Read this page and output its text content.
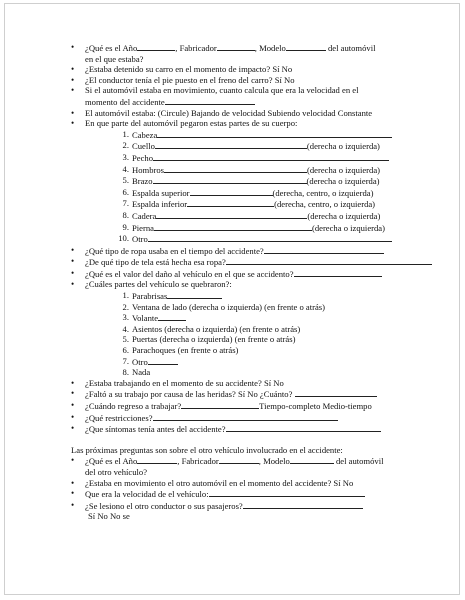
• ¿Qué es el Año	, Fabricador	, Modelo	del automóvil
en el que estaba?
• ¿Estaba detenido su carro en el momento de impacto? Sí No
• ¿El conductor tenía el pie puesto en el freno del carro? Sí No
• Si el automóvil estaba en movimiento, cuanto calcula que era la velocidad en el
momento del accidente
• El automóvil estaba: (Circule) Bajando de velocidad Subiendo velocidad Constante
• En que parte del automóvil pegaron estas partes de su cuerpo:
1. Cabeza
2. Cuello	(derecha o izquierda)
3. Pecho
4. Hombros	(derecha o izquierda)
5. Brazo	(derecha o izquierda)
6. Espalda superior	(derecha, centro, o izquierda)
7. Espalda inferior	(derecha, centro, o izquierda)
8. Cadera	(derecha o izquierda)
9. Pierna	(derecha o izquierda)
10. Otro
• ¿Qué tipo de ropa usaba en el tiempo del accidente?
• ¿De qué tipo de tela está hecha esa ropa?
• ¿Qué es el valor del daño al vehículo en el que se accidento?
• ¿Cuáles partes del vehículo se quebraron?:
1. Parabrisas
2. Ventana de lado (derecha o izquierda) (en frente o atrás)
3. Volante
4. Asientos (derecha o izquierda) (en frente o atrás)
5. Puertas (derecha o izquierda) (en frente o atrás)
6. Parachoques (en frente o atrás)
7. Otro
8. Nada
• ¿Estaba trabajando en el momento de su accidente? Sí No
• ¿Faltó a su trabajo por causa de las heridas? Sí No ¿Cuánto?
• ¿Cuándo regreso a trabajar?	Tiempo-completo Medio-tiempo
• ¿Qué restricciones?
• ¿Que síntomas tenía antes del accidente?
Las próximas preguntas son sobre el otro vehículo involucrado en el accidente:
• ¿Qué es el Año	, Fabricador	, Modelo	del automóvil
del otro vehículo?
• ¿Estaba en movimiento el otro automóvil en el momento del accidente? Sí No
• Que era la velocidad de el vehículo:
• ¿Se lesiono el otro conductor o sus pasajeros?
Sí No No se
